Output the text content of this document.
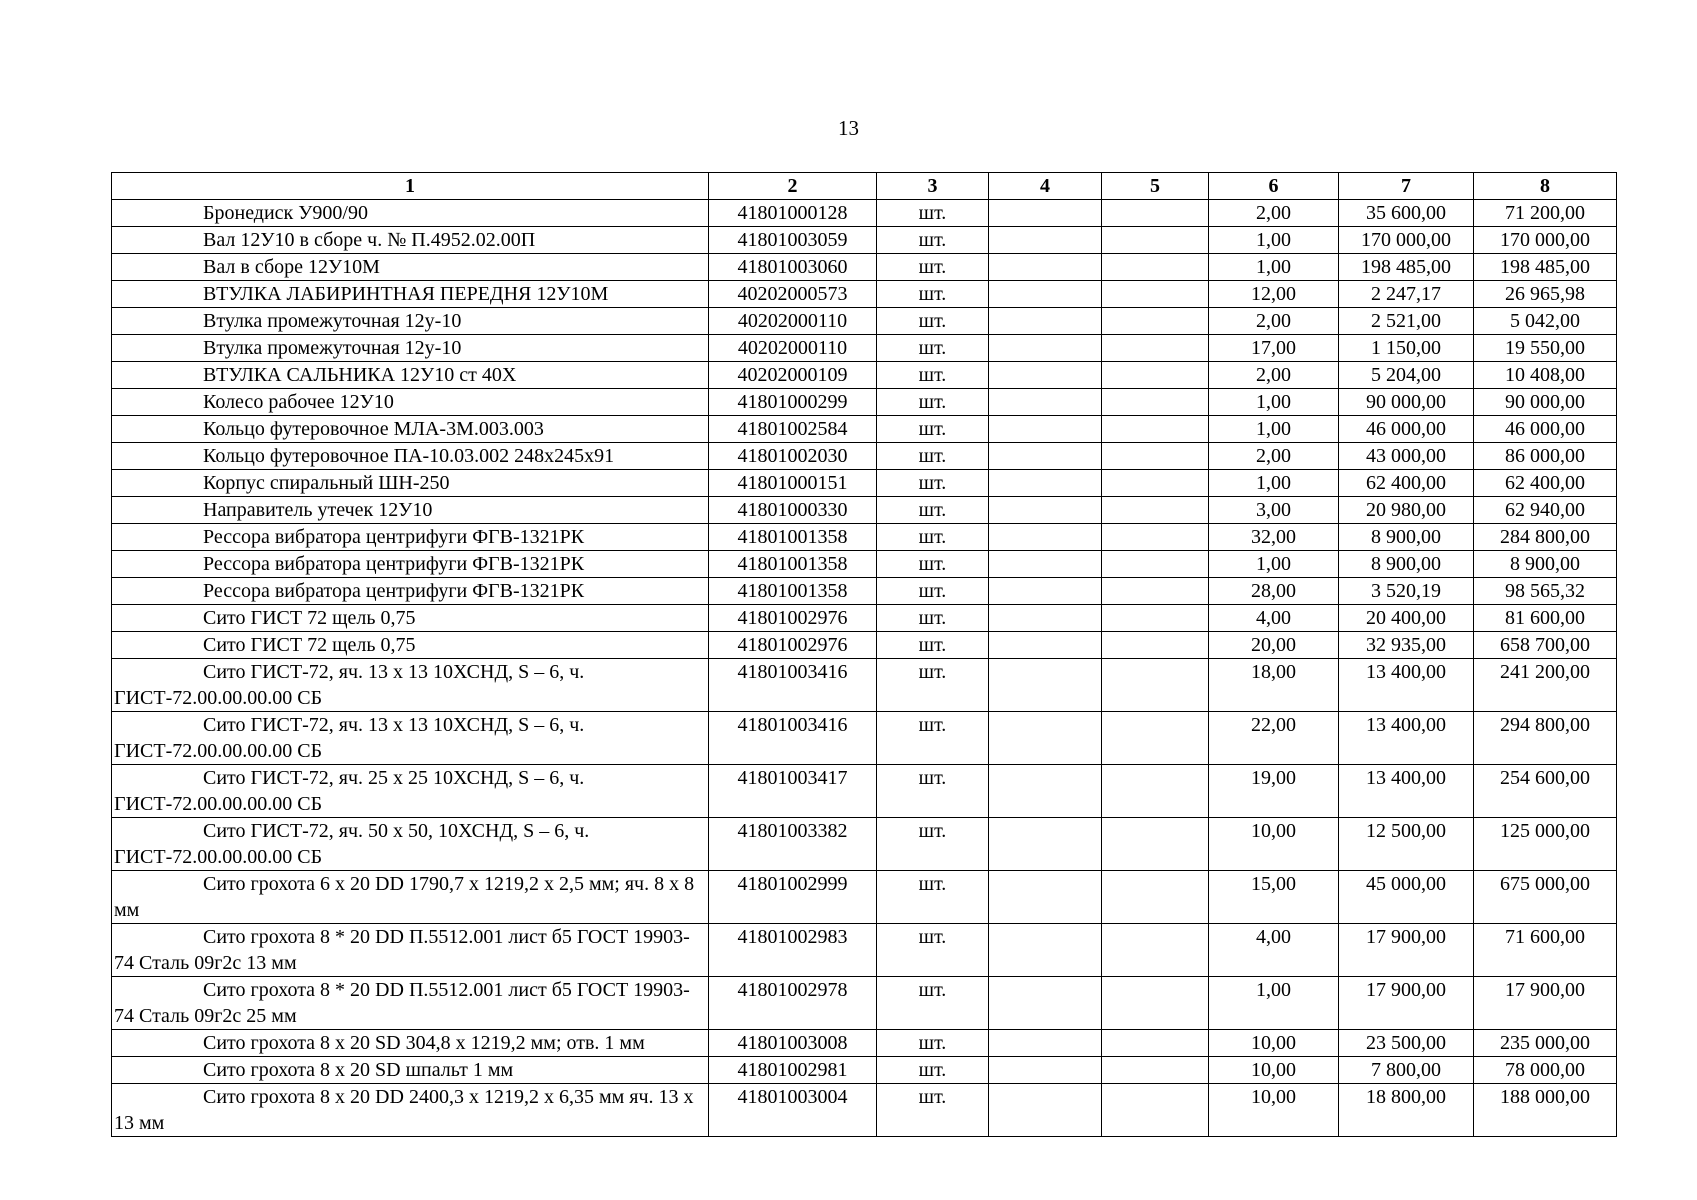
13
1	2	3	4	5	6	7	8
Бронедиск У900/90	41801000128	шт.			2,00	35 600,00	71 200,00
Вал 12У10 в сборе ч. № П.4952.02.00П	41801003059	шт.			1,00	170 000,00	170 000,00
Вал в сборе 12У10М	41801003060	шт.			1,00	198 485,00	198 485,00
ВТУЛКА ЛАБИРИНТНАЯ ПЕРЕДНЯ 12У10М	40202000573	шт.			12,00	2 247,17	26 965,98
Втулка промежуточная 12у-10	40202000110	шт.			2,00	2 521,00	5 042,00
Втулка промежуточная 12у-10	40202000110	шт.			17,00	1 150,00	19 550,00
ВТУЛКА САЛЬНИКА 12У10 ст 40Х	40202000109	шт.			2,00	5 204,00	10 408,00
Колесо рабочее 12У10	41801000299	шт.			1,00	90 000,00	90 000,00
Кольцо футеровочное МЛА-3М.003.003	41801002584	шт.			1,00	46 000,00	46 000,00
Кольцо футеровочное ПА-10.03.002 248х245х91	41801002030	шт.			2,00	43 000,00	86 000,00
Корпус спиральный ШН-250	41801000151	шт.			1,00	62 400,00	62 400,00
Направитель утечек 12У10	41801000330	шт.			3,00	20 980,00	62 940,00
Рессора вибратора центрифуги ФГВ-1321РК	41801001358	шт.			32,00	8 900,00	284 800,00
Рессора вибратора центрифуги ФГВ-1321РК	41801001358	шт.			1,00	8 900,00	8 900,00
Рессора вибратора центрифуги ФГВ-1321РК	41801001358	шт.			28,00	3 520,19	98 565,32
Сито ГИСТ 72 щель 0,75	41801002976	шт.			4,00	20 400,00	81 600,00
Сито ГИСТ 72 щель 0,75	41801002976	шт.			20,00	32 935,00	658 700,00
Сито ГИСТ-72, яч. 13 х 13 10ХСНД, S – 6, ч. ГИСТ-72.00.00.00.00 СБ	41801003416	шт.			18,00	13 400,00	241 200,00
Сито ГИСТ-72, яч. 13 х 13 10ХСНД, S – 6, ч. ГИСТ-72.00.00.00.00 СБ	41801003416	шт.			22,00	13 400,00	294 800,00
Сито ГИСТ-72, яч. 25 х 25 10ХСНД, S – 6, ч. ГИСТ-72.00.00.00.00 СБ	41801003417	шт.			19,00	13 400,00	254 600,00
Сито ГИСТ-72, яч. 50 х 50, 10ХСНД, S – 6, ч. ГИСТ-72.00.00.00.00 СБ	41801003382	шт.			10,00	12 500,00	125 000,00
Сито грохота 6 х 20 DD 1790,7 х 1219,2 х 2,5 мм; яч. 8 х 8 мм	41801002999	шт.			15,00	45 000,00	675 000,00
Сито грохота 8 * 20 DD П.5512.001 лист б5 ГОСТ 19903-74 Сталь 09г2с 13 мм	41801002983	шт.			4,00	17 900,00	71 600,00
Сито грохота 8 * 20 DD П.5512.001 лист б5 ГОСТ 19903-74 Сталь 09г2с 25 мм	41801002978	шт.			1,00	17 900,00	17 900,00
Сито грохота 8 х 20 SD 304,8 х 1219,2 мм; отв. 1 мм	41801003008	шт.			10,00	23 500,00	235 000,00
Сито грохота 8 х 20 SD шпальт 1 мм	41801002981	шт.			10,00	7 800,00	78 000,00
Сито грохота 8 х 20 DD 2400,3 х 1219,2 х 6,35 мм яч. 13 х 13 мм	41801003004	шт.			10,00	18 800,00	188 000,00
